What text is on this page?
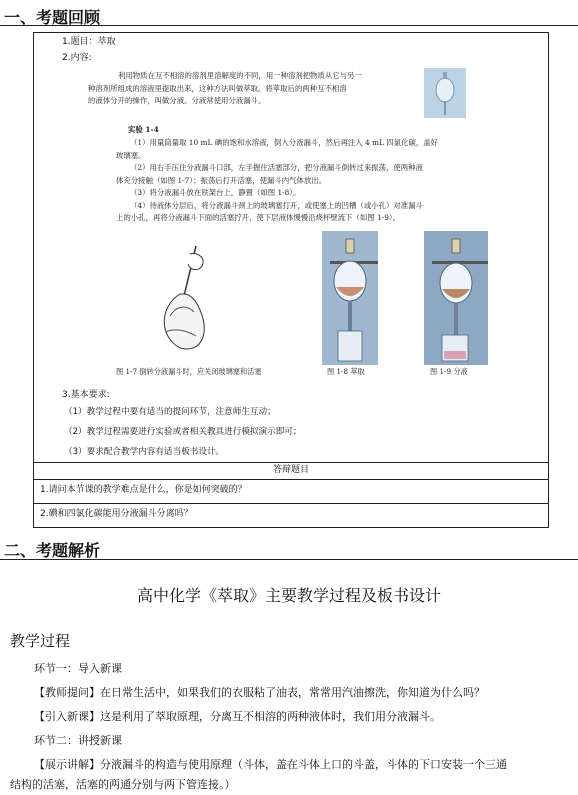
一、考题回顾
1.题目：萃取
2.内容:
利用物质在互不相溶的溶剂里溶解度的不同，用一种溶剂把物质从它与另一
种溶剂所组成的溶液里提取出来，这种方法叫做萃取。将萃取后的两种互不相溶
的液体分开的操作，叫做分液。分液常使用分液漏斗。
实验 1-4
（1）用量筒量取 10 mL 碘的饱和水溶液，倒入分液漏斗，然后再注入 4 mL 四氯化碳，盖好
玻璃塞。
（2）用右手压住分液漏斗口部，左手握住活塞部分，把分液漏斗倒转过来振荡，使两种液
体充分接触（如图 1-7）；振荡后打开活塞，使漏斗内气体放出。
（3）将分液漏斗放在铁架台上，静置（如图 1-8）。
（4）待液体分层后，将分液漏斗颈上的玻璃塞打开，或使塞上的凹槽（或小孔）对准漏斗
上的小孔，再将分液漏斗下面的活塞拧开，使下层液体慢慢沿烧杯壁流下（如图 1-9）。
图 1-7 倒转分液漏斗时，应关闭玻璃塞和活塞	图 1-8 萃取	图 1-9 分液
3.基本要求:
（1）教学过程中要有适当的提问环节，注意师生互动；
（2）教学过程需要进行实验或者相关教具进行模拟演示即可；
（3）要求配合教学内容有适当板书设计。
答辩题目
1.请问本节课的教学难点是什么，你是如何突破的？
2.碘和四氯化碳能用分液漏斗分离吗？
二、考题解析
高中化学《萃取》主要教学过程及板书设计
教学过程
环节一：导入新课
【教师提问】在日常生活中，如果我们的衣服粘了油表，常常用汽油擦洗，你知道为什么吗？
【引入新课】这是利用了萃取原理，分离互不相溶的两种液体时，我们用分液漏斗。
环节二：讲授新课
【展示讲解】分液漏斗的构造与使用原理（斗体，盖在斗体上口的斗盖，斗体的下口安装一个三通
结构的活塞，活塞的两通分别与两下管连接。）
